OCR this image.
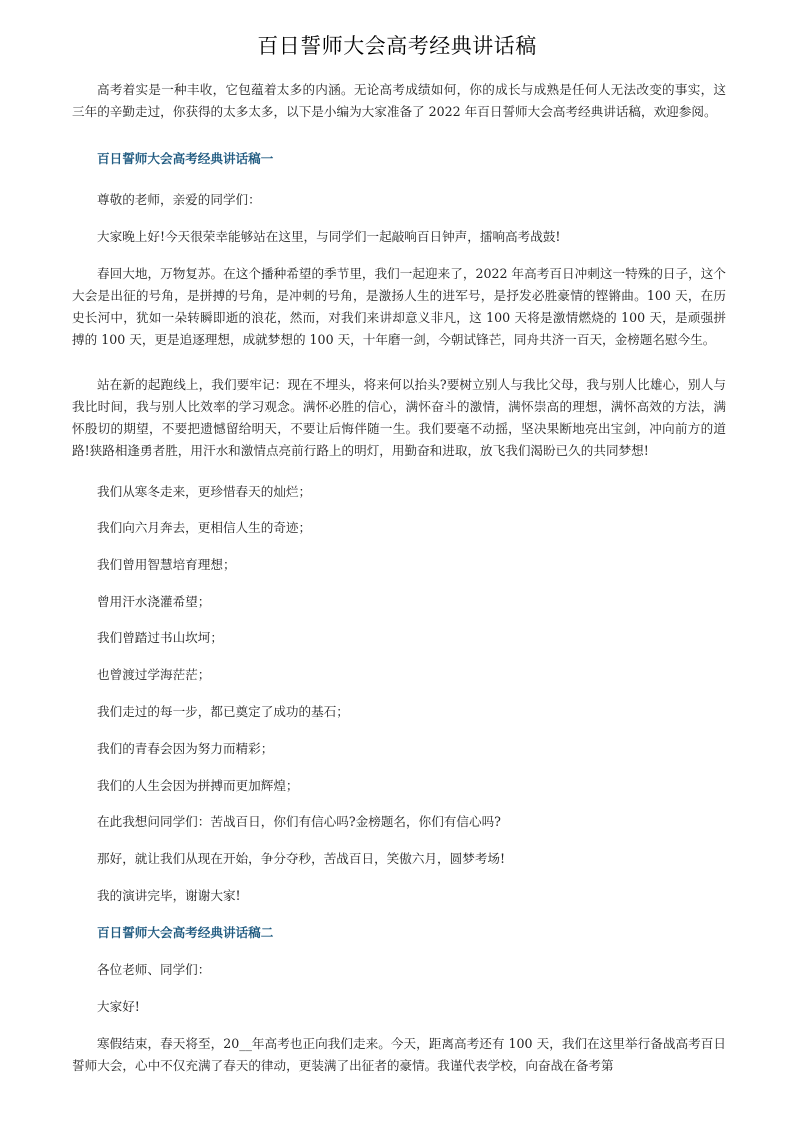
百日誓师大会高考经典讲话稿

高考着实是一种丰收，它包蕴着太多的内涵。无论高考成绩如何，你的成长与成熟是任何人无法改变的事实，这三年的辛勤走过，你获得的太多太多，以下是小编为大家准备了 2022 年百日誓师大会高考经典讲话稿，欢迎参阅。

百日誓师大会高考经典讲话稿一

尊敬的老师，亲爱的同学们：

大家晚上好!今天很荣幸能够站在这里，与同学们一起敲响百日钟声，擂响高考战鼓!

春回大地，万物复苏。在这个播种希望的季节里，我们一起迎来了，2022 年高考百日冲刺这一特殊的日子，这个大会是出征的号角，是拼搏的号角，是冲刺的号角，是激扬人生的进军号，是抒发必胜豪情的铿锵曲。100 天，在历史长河中，犹如一朵转瞬即逝的浪花，然而，对我们来讲却意义非凡，这 100 天将是激情燃烧的 100 天，是顽强拼搏的 100 天，更是追逐理想，成就梦想的 100 天，十年磨一剑，今朝试锋芒，同舟共济一百天，金榜题名慰今生。

站在新的起跑线上，我们要牢记：现在不埋头，将来何以抬头?要树立别人与我比父母，我与别人比雄心，别人与我比时间，我与别人比效率的学习观念。满怀必胜的信心，满怀奋斗的激情，满怀崇高的理想，满怀高效的方法，满怀殷切的期望，不要把遗憾留给明天，不要让后悔伴随一生。我们要毫不动摇，坚决果断地亮出宝剑，冲向前方的道路!狭路相逢勇者胜，用汗水和激情点亮前行路上的明灯，用勤奋和进取，放飞我们渴盼已久的共同梦想!

我们从寒冬走来，更珍惜春天的灿烂；

我们向六月奔去，更相信人生的奇迹；

我们曾用智慧培育理想；

曾用汗水浇灌希望；

我们曾踏过书山坎坷；

也曾渡过学海茫茫；

我们走过的每一步，都已奠定了成功的基石；

我们的青春会因为努力而精彩；

我们的人生会因为拼搏而更加辉煌；

在此我想问同学们：苦战百日，你们有信心吗?金榜题名，你们有信心吗?

那好，就让我们从现在开始，争分夺秒，苦战百日，笑傲六月，圆梦考场!

我的演讲完毕，谢谢大家!

百日誓师大会高考经典讲话稿二

各位老师、同学们：

大家好!

寒假结束，春天将至，20__年高考也正向我们走来。今天，距离高考还有 100 天，我们在这里举行备战高考百日誓师大会，心中不仅充满了春天的律动，更装满了出征者的豪情。我谨代表学校，向奋战在备考第
